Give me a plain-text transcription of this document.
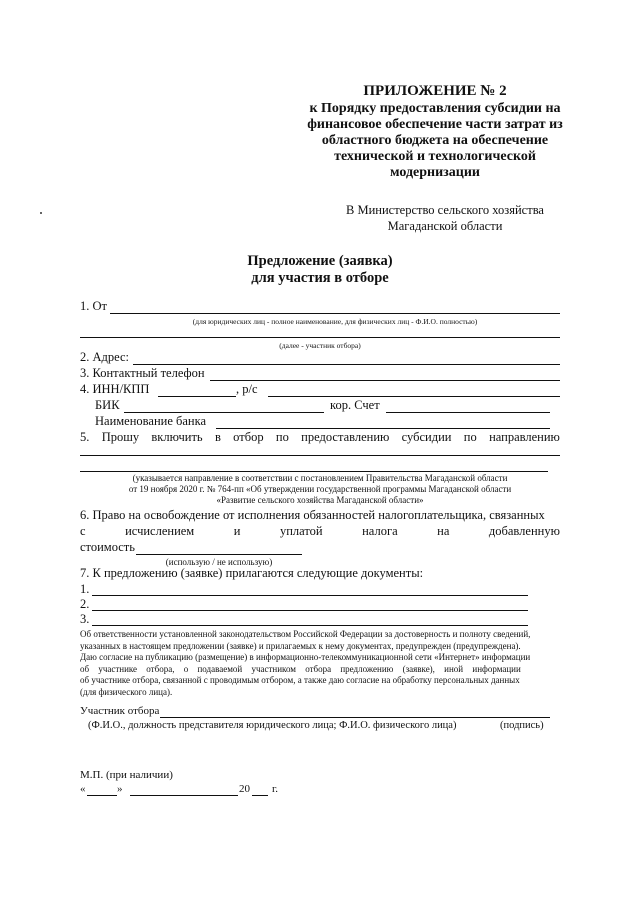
ПРИЛОЖЕНИЕ № 2
к Порядку предоставления субсидии на
финансовое обеспечение части затрат из
областного бюджета на обеспечение
технической и технологической
модернизации
В Министерство сельского хозяйства
Магаданской области
Предложение (заявка)
для участия в отборе
1. От
(для юридических лиц - полное наименование, для физических лиц - Ф.И.О. полностью)
(далее - участник отбора)
2. Адрес:
3. Контактный телефон
4. ИНН/КПП	, р/с
БИК	кор. Счет
Наименование банка
5. Прошу включить в отбор по предоставлению субсидии по направлению
(указывается направление в соответствии с постановлением Правительства Магаданской области
от 19 ноября 2020 г. № 764-пп «Об утверждении государственной программы Магаданской области
«Развитие сельского хозяйства Магаданской области»
6. Право на освобождение от исполнения обязанностей налогоплательщика, связанных
с	исчислением	и	уплатой	налога	на	добавленную
стоимость
(использую / не использую)
7. К предложению (заявке) прилагаются следующие документы:
1.
2.
3.
Об ответственности установленной законодательством Российской Федерации за достоверность и полноту сведений,
указанных в настоящем предложении (заявке) и прилагаемых к нему документах, предупрежден (предупреждена).
Даю согласие на публикацию (размещение) в информационно-телекоммуникационной сети «Интернет» информации
об участнике отбора, о подаваемой участником отбора предложению (заявке), иной информации
об участнике отбора, связанной с проводимым отбором, а также даю согласие на обработку персональных данных
(для физического лица).
Участник отбора
(Ф.И.О., должность представителя юридического лица; Ф.И.О. физического лица)	(подпись)
М.П. (при наличии)
«	»	20 г.
